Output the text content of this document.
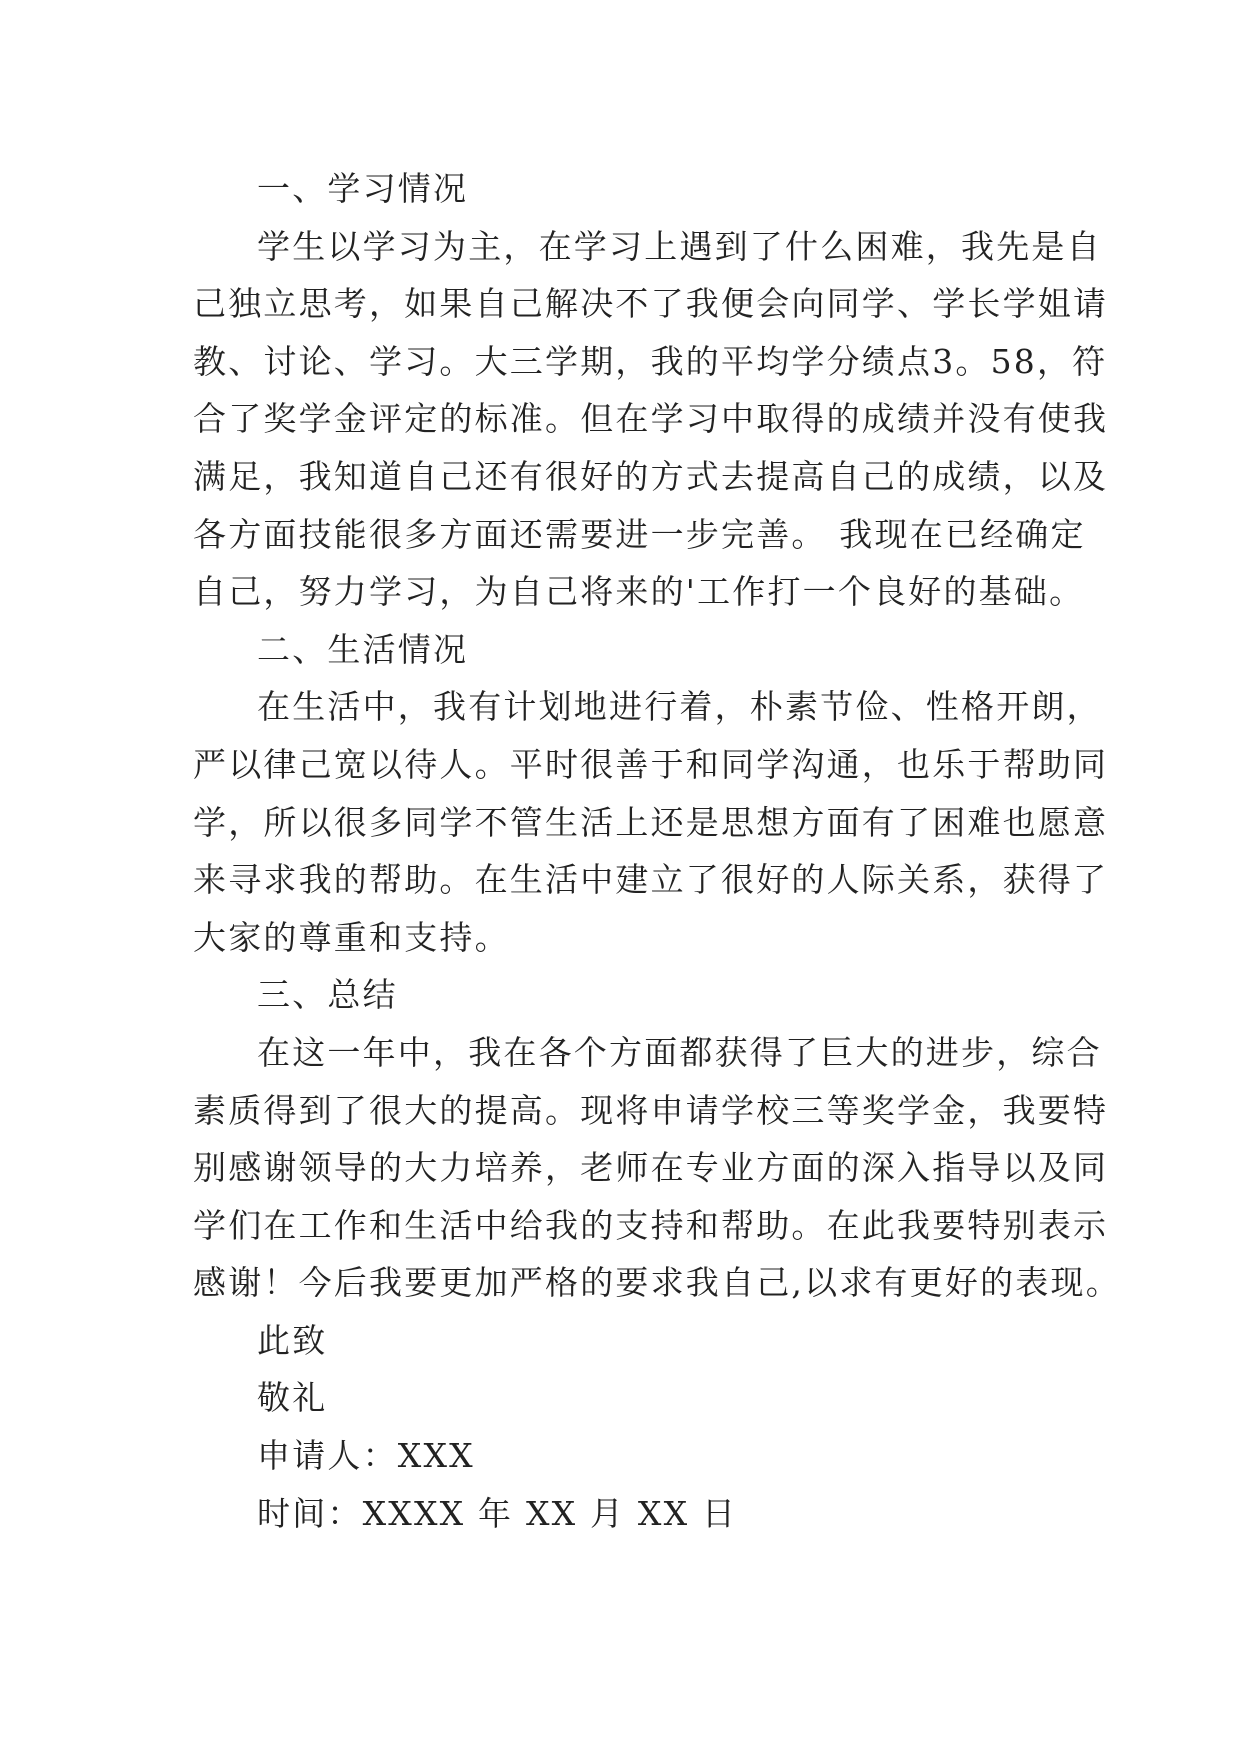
一、学习情况
学生以学习为主，在学习上遇到了什么困难，我先是自
己独立思考，如果自己解决不了我便会向同学、学长学姐请
教、讨论、学习。大三学期，我的平均学分绩点3。58，符
合了奖学金评定的标准。但在学习中取得的成绩并没有使我
满足，我知道自己还有很好的方式去提高自己的成绩，以及
各方面技能很多方面还需要进一步完善。 我现在已经确定
自己，努力学习，为自己将来的'工作打一个良好的基础。
二、生活情况
在生活中，我有计划地进行着，朴素节俭、性格开朗，
严以律己宽以待人。平时很善于和同学沟通，也乐于帮助同
学，所以很多同学不管生活上还是思想方面有了困难也愿意
来寻求我的帮助。在生活中建立了很好的人际关系，获得了
大家的尊重和支持。
三、总结
在这一年中，我在各个方面都获得了巨大的进步，综合
素质得到了很大的提高。现将申请学校三等奖学金，我要特
别感谢领导的大力培养，老师在专业方面的深入指导以及同
学们在工作和生活中给我的支持和帮助。在此我要特别表示
感谢！今后我要更加严格的要求我自己,以求有更好的表现。
此致
敬礼
申请人：XXX
时间：XXXX 年 XX 月 XX 日
